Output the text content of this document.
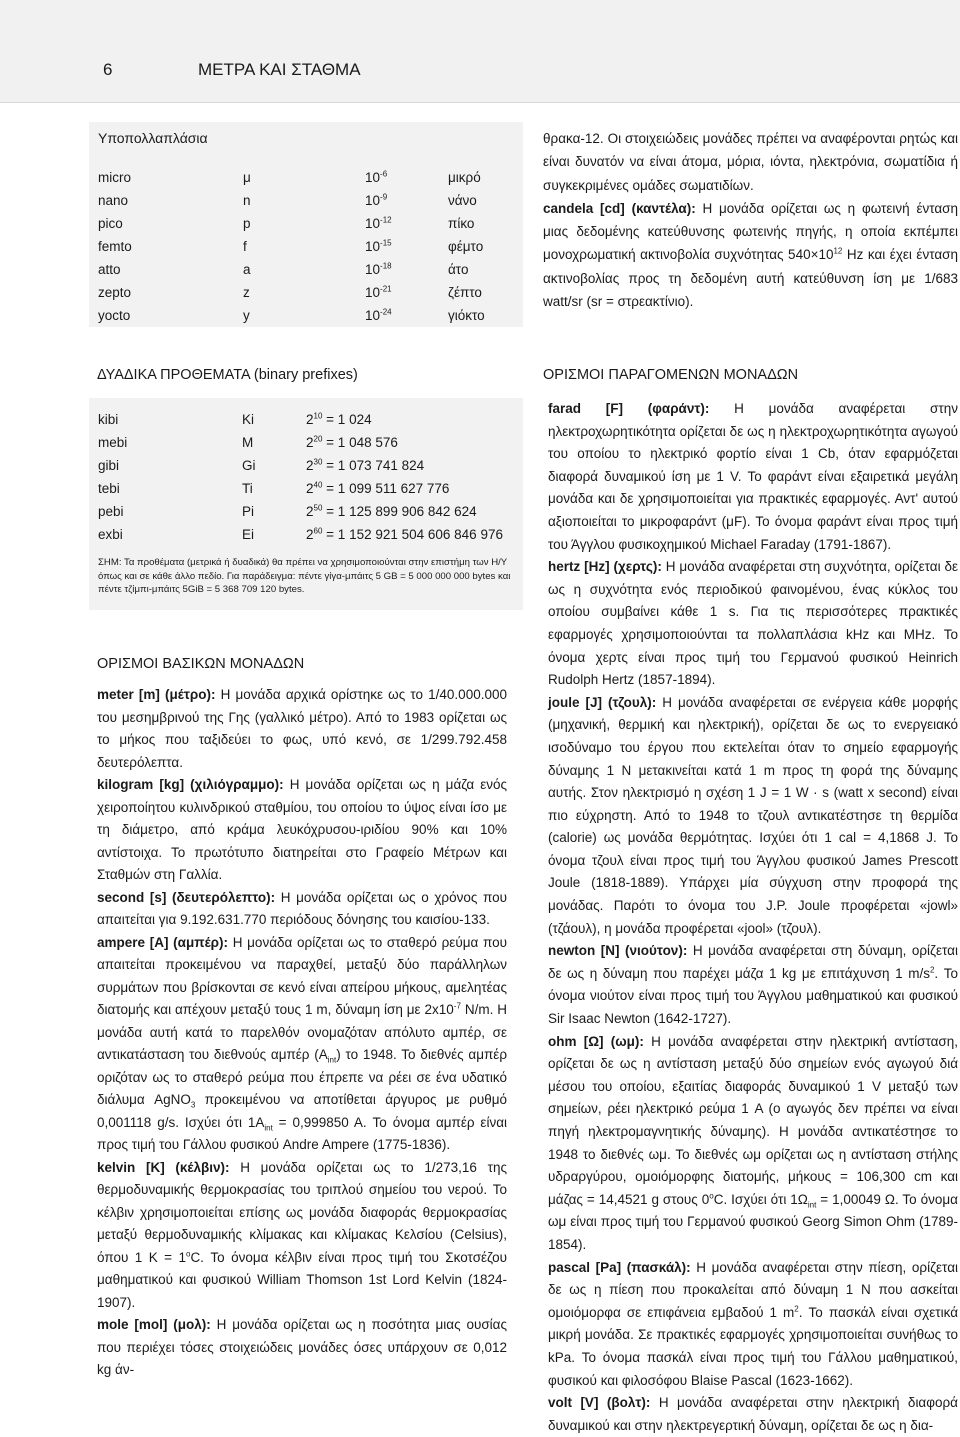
6	ΜΕΤΡΑ ΚΑΙ ΣΤΑΘΜΑ
Υποπολλαπλάσια
micro	μ	$10^{-6}$	μικρό
nano	n	$10^{-9}$	νάνο
pico	p	$10^{-12}$	πίκο
femto	f	$10^{-15}$	φέμτο
atto	a	$10^{-18}$	άτο
zepto	z	$10^{-21}$	ζέπτο
yocto	y	$10^{-24}$	γιόκτο

θρακα-12. Οι στοιχειώδεις μονάδες πρέπει να αναφέρονται ρητώς και είναι δυνατόν να είναι άτομα, μόρια, ιόντα, ηλεκτρόνια, σωματίδια ή συγκεκριμένες ομάδες σωματιδίων.

candela [cd] (καντέλα): Η μονάδα ορίζεται ως η φωτεινή ένταση μιας δεδομένης κατεύθυνσης φωτεινής πηγής, η οποία εκπέμπει μονοχρωματική ακτινοβολία συχνότητας $540\times 10^{12}$ Hz και έχει ένταση ακτινοβολίας προς τη δεδομένη αυτή κατεύθυνση ίση με 1/683 watt/sr (sr = στρεακτίνιο).

ΔΥΑΔΙΚΑ ΠΡΟΘΕΜΑΤΑ (binary prefixes)	ΟΡΙΣΜΟΙ ΠΑΡΑΓΟΜΕΝΩΝ ΜΟΝΑΔΩΝ
kibi	Ki	$2^{10} = 1$ 024
mebi	M	$2^{20} = 1$ 048 576
gibi	Gi	$2^{30} = 1$ 073 741 824
tebi	Ti	$2^{40} = 1$ 099 511 627 776
pebi	Pi	$2^{50} = 1$ 125 899 906 842 624
exbi	Ei	$2^{60} = 1$ 152 921 504 606 846 976
ΣΗΜ: Τα προθέματα (μετρικά ή δυαδικά) θα πρέπει να χρησιμοποιούνται στην επιστήμη των Η/Υ όπως και σε κάθε άλλο πεδίο. Για παράδειγμα: πέντε γίγα-μπάιτς 5 GB = 5 000 000 000 bytes και πέντε τζίμπι-μπάιτς 5GiB = 5 368 709 120 bytes.
ΟΡΙΣΜΟΙ ΒΑΣΙΚΩΝ ΜΟΝΑΔΩΝ

meter [m] (μέτρο): Η μονάδα αρχικά ορίστηκε ως το 1/40.000.000 του μεσημβρινού της Γης (γαλλικό μέτρο). Από το 1983 ορίζεται ως το μήκος που ταξιδεύει το φως, υπό κενό, σε 1/299.792.458 δευτερόλεπτα.

kilogram [kg] (χιλιόγραμμο): Η μονάδα ορίζεται ως η μάζα ενός χειροποίητου κυλινδρικού σταθμίου, του οποίου το ύψος είναι ίσο με τη διάμετρο, από κράμα λευκόχρυσου-ιριδίου 90% και 10% αντίστοιχα. Το πρωτότυπο διατηρείται στο Γραφείο Μέτρων και Σταθμών στη Γαλλία.

second [s] (δευτερόλεπτο): Η μονάδα ορίζεται ως ο χρόνος που απαιτείται για 9.192.631.770 περιόδους δόνησης του καισίου-133.

ampere [A] (αμπέρ): Η μονάδα ορίζεται ως το σταθερό ρεύμα που απαιτείται προκειμένου να παραχθεί, μεταξύ δύο παράλληλων συρμάτων που βρίσκονται σε κενό είναι απείρου μήκους, αμελητέας διατομής και απέχουν μεταξύ τους 1 m, δύναμη ίση με $2x10^{-7}$ N/m. Η μονάδα αυτή κατά το παρελθόν ονομαζόταν απόλυτο αμπέρ, σε αντικατάσταση του διεθνούς αμπέρ $(A_{int})$ το 1948. Το διεθνές αμπέρ οριζόταν ως το σταθερό ρεύμα που έπρεπε να ρέει σε ένα υδατικό διάλυμα AgNO$_3$ προκειμένου να αποτίθεται άργυρος με ρυθμό 0,001118 g/s. Ισχύει ότι $1A_{int} = 0,999850$ A. Το όνομα αμπέρ είναι προς τιμή του Γάλλου φυσικού Andre Ampere (1775-1836).

kelvin [K] (κέλβιν): Η μονάδα ορίζεται ως το 1/273,16 της θερμοδυναμικής θερμοκρασίας του τριπλού σημείου του νερού. Το κέλβιν χρησιμοποιείται επίσης ως μονάδα διαφοράς θερμοκρασίας μεταξύ θερμοδυναμικής κλίμακας και κλίμακας Κελσίου (Celsius), όπου 1 $K = 1^oC$. Το όνομα κέλβιν είναι προς τιμή του Σκοτσέζου μαθηματικού και φυσικού William Thomson 1st Lord Kelvin (1824-1907).

mole [mol] (μολ): Η μονάδα ορίζεται ως η ποσότητα μιας ουσίας που περιέχει τόσες στοιχειώδεις μονάδες όσες υπάρχουν σε 0,012 kg άν-

farad [F] (φαράντ): Η μονάδα αναφέρεται στην ηλεκτροχωρητικότητα ορίζεται δε ως η ηλεκτροχωρητικότητα αγωγού του οποίου το ηλεκτρικό φορτίο είναι 1 Cb, όταν εφαρμόζεται διαφορά δυναμικού ίση με 1 V. Το φαράντ είναι εξαιρετικά μεγάλη μονάδα και δε χρησιμοποιείται για πρακτικές εφαρμογές. Αντ' αυτού αξιοποιείται το μικροφαράντ (μF). Το όνομα φαράντ είναι προς τιμή του Άγγλου φυσικοχημικού Michael Faraday (1791-1867).

hertz [Hz] (χερτς): Η μονάδα αναφέρεται στη συχνότητα, ορίζεται δε ως η συχνότητα ενός περιοδικού φαινομένου, ένας κύκλος του οποίου συμβαίνει κάθε 1 s. Για τις περισσότερες πρακτικές εφαρμογές χρησιμοποιούνται τα πολλαπλάσια kHz και MHz. Το όνομα χερτς είναι προς τιμή του Γερμανού φυσικού Heinrich Rudolph Hertz (1857-1894).

joule [J] (τζουλ): Η μονάδα αναφέρεται σε ενέργεια κάθε μορφής (μηχανική, θερμική και ηλεκτρική), ορίζεται δε ως το ενεργειακό ισοδύναμο του έργου που εκτελείται όταν το σημείο εφαρμογής δύναμης 1 N μετακινείται κατά 1 m προς τη φορά της δύναμης αυτής. Στον ηλεκτρισμό η σχέση 1 J = 1 W · s (watt x second) είναι πιο εύχρηστη. Από το 1948 το τζουλ αντικατέστησε τη θερμίδα (calorie) ως μονάδα θερμότητας. Ισχύει ότι 1 cal = 4,1868 J. Το όνομα τζουλ είναι προς τιμή του Άγγλου φυσικού James Prescott Joule (1818-1889). Υπάρχει μία σύγχυση στην προφορά της μονάδας. Παρότι το όνομα του J.P. Joule προφέρεται «jowl» (τζάουλ), η μονάδα προφέρεται «jool» (τζουλ).

newton [N] (νιούτον): Η μονάδα αναφέρεται στη δύναμη, ορίζεται δε ως η δύναμη που παρέχει μάζα 1 kg με επιτάχυνση 1 $m/s^2$. Το όνομα νιούτον είναι προς τιμή του Άγγλου μαθηματικού και φυσικού Sir Isaac Newton (1642-1727).

ohm [Ω] (ωμ): Η μονάδα αναφέρεται στην ηλεκτρική αντίσταση, ορίζεται δε ως η αντίσταση μεταξύ δύο σημείων ενός αγωγού διά μέσου του οποίου, εξαιτίας διαφοράς δυναμικού 1 V μεταξύ των σημείων, ρέει ηλεκτρικό ρεύμα 1 A (ο αγωγός δεν πρέπει να είναι πηγή ηλεκτρομαγνητικής δύναμης). Η μονάδα αντικατέστησε το 1948 το διεθνές ωμ. Το διεθνές ωμ ορίζεται ως η αντίσταση στήλης υδραργύρου, ομοιόμορφης διατομής, μήκους = 106,300 cm και μάζας = 14,4521 g στους 0$^o$C. Ισχύει ότι $1\Omega_{int} = 1,00049$ Ω. Το όνομα ωμ είναι προς τιμή του Γερμανού φυσικού Georg Simon Ohm (1789-1854).

pascal [Pa] (πασκάλ): Η μονάδα αναφέρεται στην πίεση, ορίζεται δε ως η πίεση που προκαλείται από δύναμη 1 N που ασκείται ομοιόμορφα σε επιφάνεια εμβαδού 1 $m^2$. Το πασκάλ είναι σχετικά μικρή μονάδα. Σε πρακτικές εφαρμογές χρησιμοποιείται συνήθως το kPa. Το όνομα πασκάλ είναι προς τιμή του Γάλλου μαθηματικού, φυσικού και φιλοσόφου Blaise Pascal (1623-1662).

volt [V] (βολτ): Η μονάδα αναφέρεται στην ηλεκτρική διαφορά δυναμικού και στην ηλεκτρεγερτική δύναμη, ορίζεται δε ως η δια-
